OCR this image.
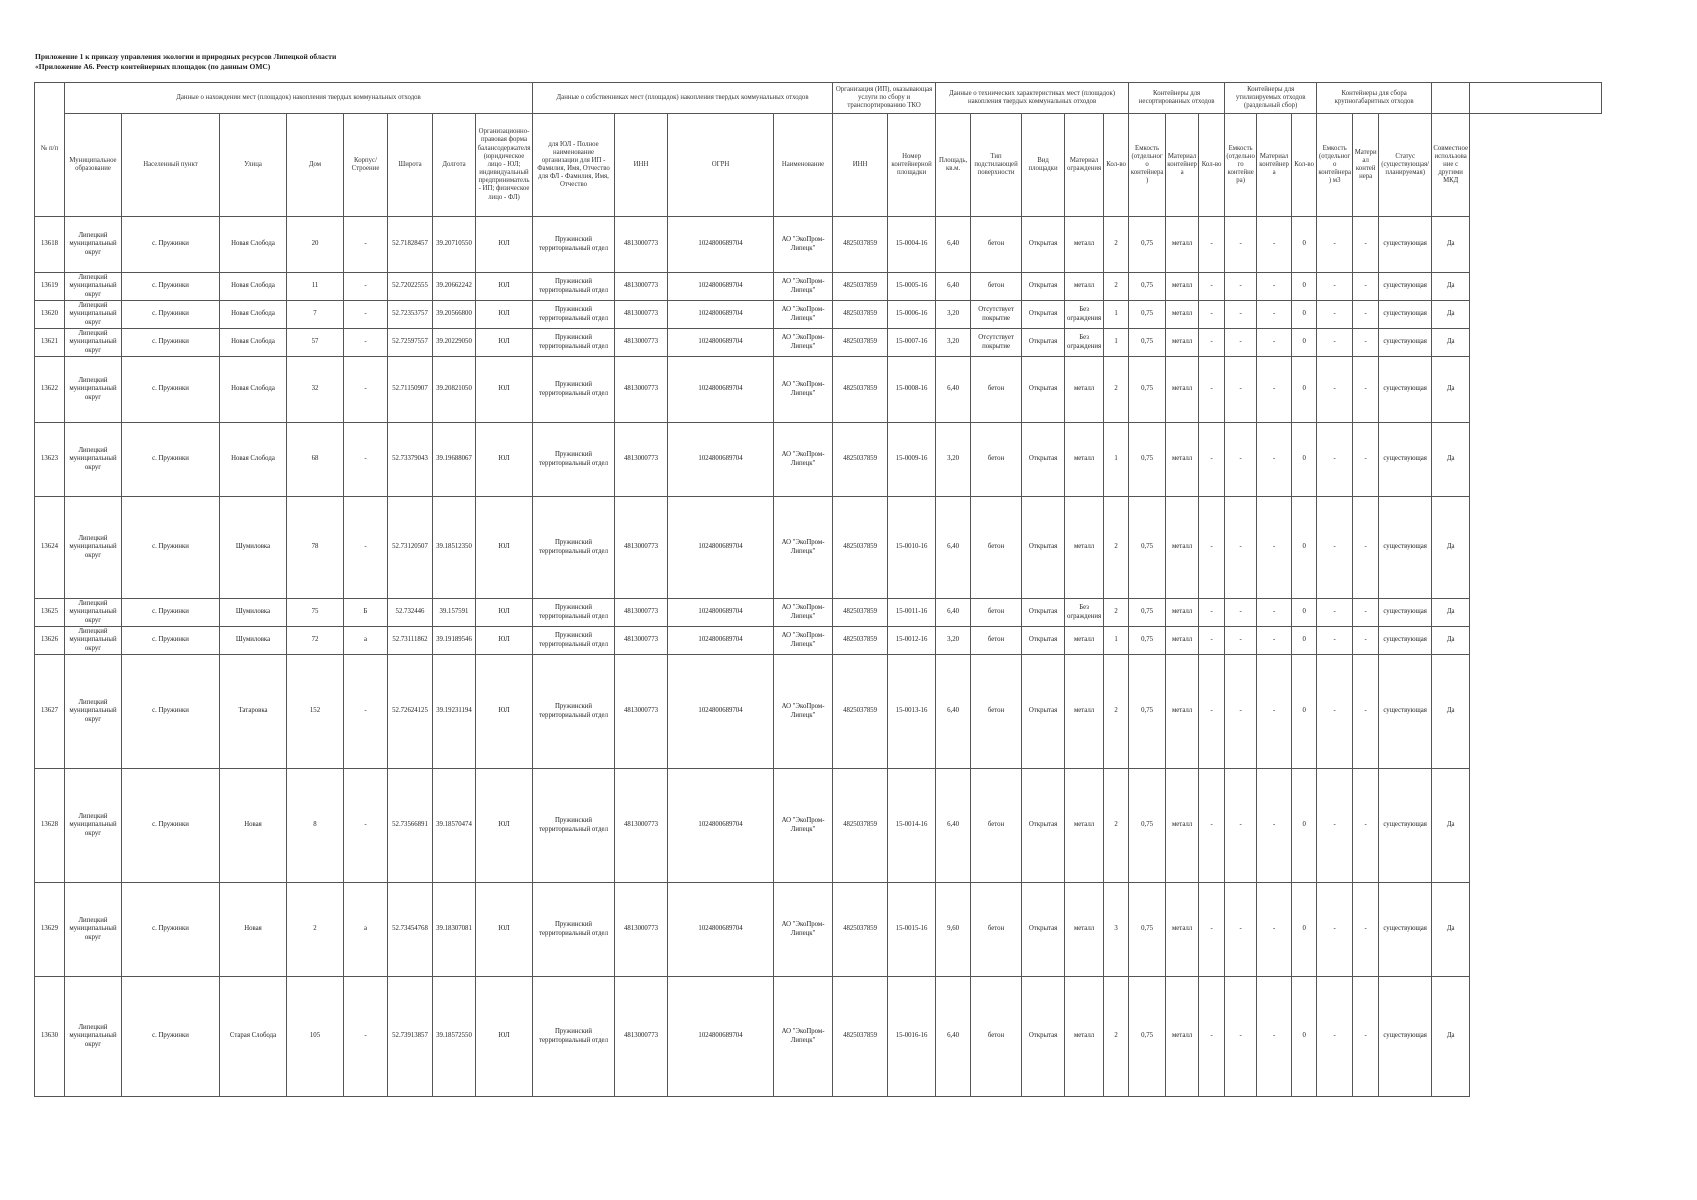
Приложение 1 к приказу управления экологии и природных ресурсов Липецкой области
«Приложение А6. Реестр контейнерных площадок (по данным ОМС)
№ п/п	Данные о нахождении мест (площадок) накопления твердых коммунальных отходов								Данные о собственниках мест (площадок) накопления твердых коммунальных отходов				Организация (ИП), оказывающая услуги по сбору и транспортированию ТКО		Данные о технических характеристиках мест (площадок) накопления твердых коммунальных отходов					Контейнеры для несортированных отходов			Контейнеры для утилизируемых отходов (раздельный сбор)			Контейнеры для сбора крупногабаритных отходов				
	Муниципальное образование	Населенный пункт	Улица	Дом	Корпус/Строение	Широта	Долгота	Организационно-правовая форма балансодержателя (юридическое лицо - ЮЛ; индивидуальный предприниматель - ИП; физическое лицо - ФЛ)	для ЮЛ - Полное наименование организации для ИП - Фамилия, Имя, Отчество для ФЛ - Фамилия, Имя, Отчество	ИНН	ОГРН	Наименование	ИНН	Номер контейнерной площадки	Площадь, кв.м.	Тип подстилающей поверхности	Вид площадки	Материал ограждения	Кол-во	Емкость (отдельного контейнера)	Материал контейнера	Кол-во	Емкость (отдельного контейнера)	Материал контейнера	Кол-во	Емкость (отдельного контейнера) м3	Материал контейнера	Статус (существующая/планируемая)	Совместное использование с другими МКД	
13618	Липецкий муниципальный округ	с. Пружинки	Новая Слобода	20	-	52.71828457	39.20710550	ЮЛ	Пружинский территориальный отдел	4813000773	1024800689704	АО "ЭкоПром-Липецк"	4825037859	15-0004-16	6,40	бетон	Открытая	металл	2	0,75	металл	-	-	-	0	-	-	существующая	Да	
13619	Липецкий муниципальный округ	с. Пружинки	Новая Слобода	11	-	52.72022555	39.20662242	ЮЛ	Пружинский территориальный отдел	4813000773	1024800689704	АО "ЭкоПром-Липецк"	4825037859	15-0005-16	6,40	бетон	Открытая	металл	2	0,75	металл	-	-	-	0	-	-	существующая	Да	
13620	Липецкий муниципальный округ	с. Пружинки	Новая Слобода	7	-	52.72353757	39.20566800	ЮЛ	Пружинский территориальный отдел	4813000773	1024800689704	АО "ЭкоПром-Липецк"	4825037859	15-0006-16	3,20	Отсутствует покрытие	Открытая	Без ограждения	1	0,75	металл	-	-	-	0	-	-	существующая	Да	
13621	Липецкий муниципальный округ	с. Пружинки	Новая Слобода	57	-	52.72597557	39.20229050	ЮЛ	Пружинский территориальный отдел	4813000773	1024800689704	АО "ЭкоПром-Липецк"	4825037859	15-0007-16	3,20	Отсутствует покрытие	Открытая	Без ограждения	1	0,75	металл	-	-	-	0	-	-	существующая	Да	
13622	Липецкий муниципальный округ	с. Пружинки	Новая Слобода	32	-	52.71150907	39.20821050	ЮЛ	Пружинский территориальный отдел	4813000773	1024800689704	АО "ЭкоПром-Липецк"	4825037859	15-0008-16	6,40	бетон	Открытая	металл	2	0,75	металл	-	-	-	0	-	-	существующая	Да	
13623	Липецкий муниципальный округ	с. Пружинки	Новая Слобода	68	-	52.73379043	39.19688067	ЮЛ	Пружинский территориальный отдел	4813000773	1024800689704	АО "ЭкоПром-Липецк"	4825037859	15-0009-16	3,20	бетон	Открытая	металл	1	0,75	металл	-	-	-	0	-	-	существующая	Да	
13624	Липецкий муниципальный округ	с. Пружинки	Шумиловка	78	-	52.73120507	39.18512350	ЮЛ	Пружинский территориальный отдел	4813000773	1024800689704	АО "ЭкоПром-Липецк"	4825037859	15-0010-16	6,40	бетон	Открытая	металл	2	0,75	металл	-	-	-	0	-	-	существующая	Да	
13625	Липецкий муниципальный округ	с. Пружинки	Шумиловка	75	Б	52.732446	39.157591	ЮЛ	Пружинский территориальный отдел	4813000773	1024800689704	АО "ЭкоПром-Липецк"	4825037859	15-0011-16	6,40	бетон	Открытая	Без ограждения	2	0,75	металл	-	-	-	0	-	-	существующая	Да	
13626	Липецкий муниципальный округ	с. Пружинки	Шумиловка	72	а	52.73111862	39.19189546	ЮЛ	Пружинский территориальный отдел	4813000773	1024800689704	АО "ЭкоПром-Липецк"	4825037859	15-0012-16	3,20	бетон	Открытая	металл	1	0,75	металл	-	-	-	0	-	-	существующая	Да	
13627	Липецкий муниципальный округ	с. Пружинки	Татаровка	152	-	52.72624125	39.19231194	ЮЛ	Пружинский территориальный отдел	4813000773	1024800689704	АО "ЭкоПром-Липецк"	4825037859	15-0013-16	6,40	бетон	Открытая	металл	2	0,75	металл	-	-	-	0	-	-	существующая	Да	
13628	Липецкий муниципальный округ	с. Пружинки	Новая	8	-	52.73566891	39.18570474	ЮЛ	Пружинский территориальный отдел	4813000773	1024800689704	АО "ЭкоПром-Липецк"	4825037859	15-0014-16	6,40	бетон	Открытая	металл	2	0,75	металл	-	-	-	0	-	-	существующая	Да	
13629	Липецкий муниципальный округ	с. Пружинки	Новая	2	а	52.73454768	39.18307081	ЮЛ	Пружинский территориальный отдел	4813000773	1024800689704	АО "ЭкоПром-Липецк"	4825037859	15-0015-16	9,60	бетон	Открытая	металл	3	0,75	металл	-	-	-	0	-	-	существующая	Да	
13630	Липецкий муниципальный округ	с. Пружинки	Старая Слобода	105	-	52.73913857	39.18572550	ЮЛ	Пружинский территориальный отдел	4813000773	1024800689704	АО "ЭкоПром-Липецк"	4825037859	15-0016-16	6,40	бетон	Открытая	металл	2	0,75	металл	-	-	-	0	-	-	существующая	Да	
